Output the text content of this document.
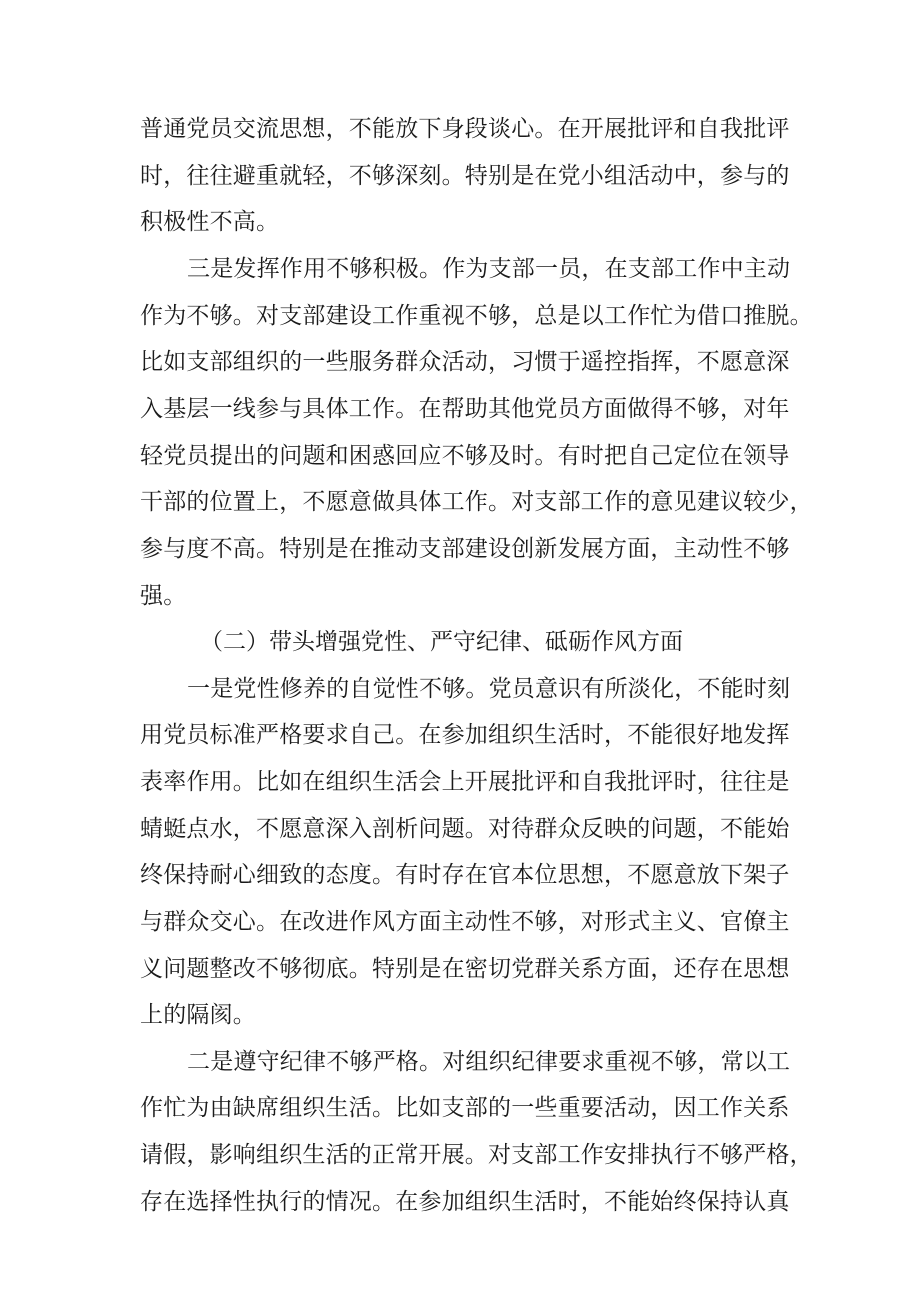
普通党员交流思想，不能放下身段谈心。在开展批评和自我批评
时，往往避重就轻，不够深刻。特别是在党小组活动中，参与的
积极性不高。
三是发挥作用不够积极。作为支部一员，在支部工作中主动
作为不够。对支部建设工作重视不够，总是以工作忙为借口推脱。
比如支部组织的一些服务群众活动，习惯于遥控指挥，不愿意深
入基层一线参与具体工作。在帮助其他党员方面做得不够，对年
轻党员提出的问题和困惑回应不够及时。有时把自己定位在领导
干部的位置上，不愿意做具体工作。对支部工作的意见建议较少，
参与度不高。特别是在推动支部建设创新发展方面，主动性不够
强。
（二）带头增强党性、严守纪律、砥砺作风方面
一是党性修养的自觉性不够。党员意识有所淡化，不能时刻
用党员标准严格要求自己。在参加组织生活时，不能很好地发挥
表率作用。比如在组织生活会上开展批评和自我批评时，往往是
蜻蜓点水，不愿意深入剖析问题。对待群众反映的问题，不能始
终保持耐心细致的态度。有时存在官本位思想，不愿意放下架子
与群众交心。在改进作风方面主动性不够，对形式主义、官僚主
义问题整改不够彻底。特别是在密切党群关系方面，还存在思想
上的隔阂。
二是遵守纪律不够严格。对组织纪律要求重视不够，常以工
作忙为由缺席组织生活。比如支部的一些重要活动，因工作关系
请假，影响组织生活的正常开展。对支部工作安排执行不够严格，
存在选择性执行的情况。在参加组织生活时，不能始终保持认真
